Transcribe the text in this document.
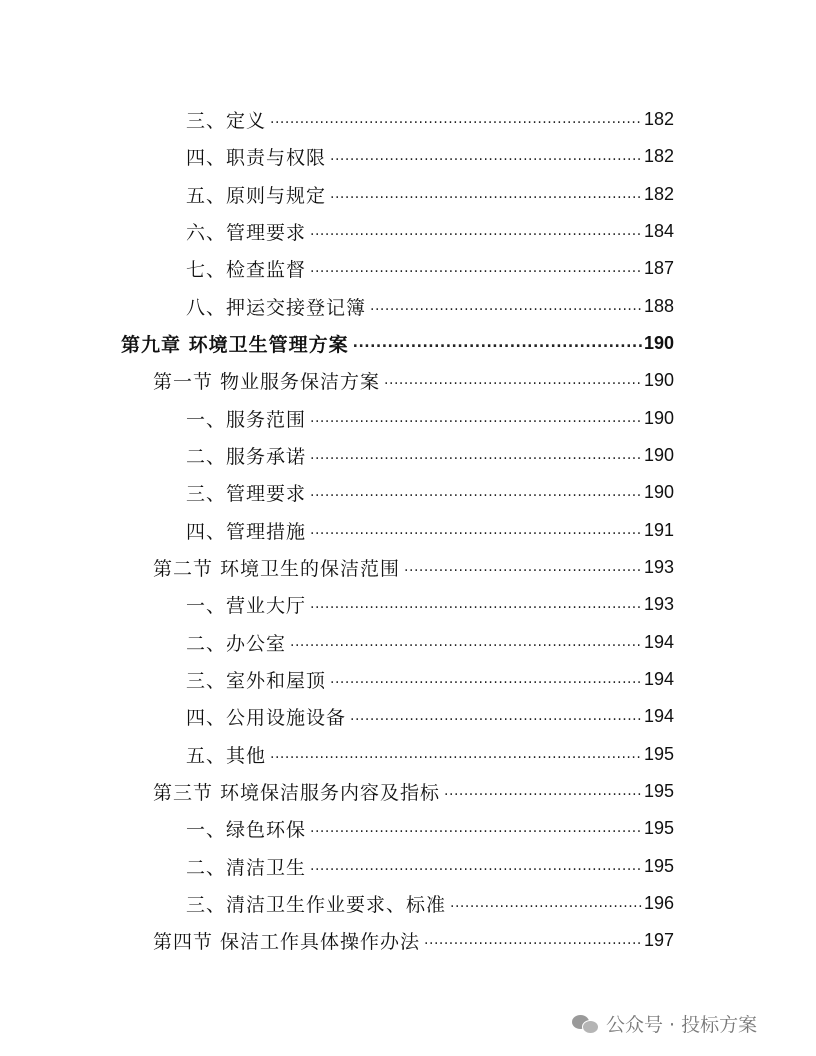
三、定义 .....	182
四、职责与权限 .....	182
五、原则与规定 .....	182
六、管理要求 .....	184
七、检查监督 .....	187
八、押运交接登记簿 .....	188
第九章 环境卫生管理方案 .....	190
第一节 物业服务保洁方案 .....	190
一、服务范围 .....	190
二、服务承诺 .....	190
三、管理要求 .....	190
四、管理措施 .....	191
第二节 环境卫生的保洁范围 .....	193
一、营业大厅 .....	193
二、办公室 .....	194
三、室外和屋顶 .....	194
四、公用设施设备 .....	194
五、其他 .....	195
第三节 环境保洁服务内容及指标 .....	195
一、绿色环保 .....	195
二、清洁卫生 .....	195
三、清洁卫生作业要求、标准 .....	196
第四节 保洁工作具体操作办法 .....	197
公众号 · 投标方案
